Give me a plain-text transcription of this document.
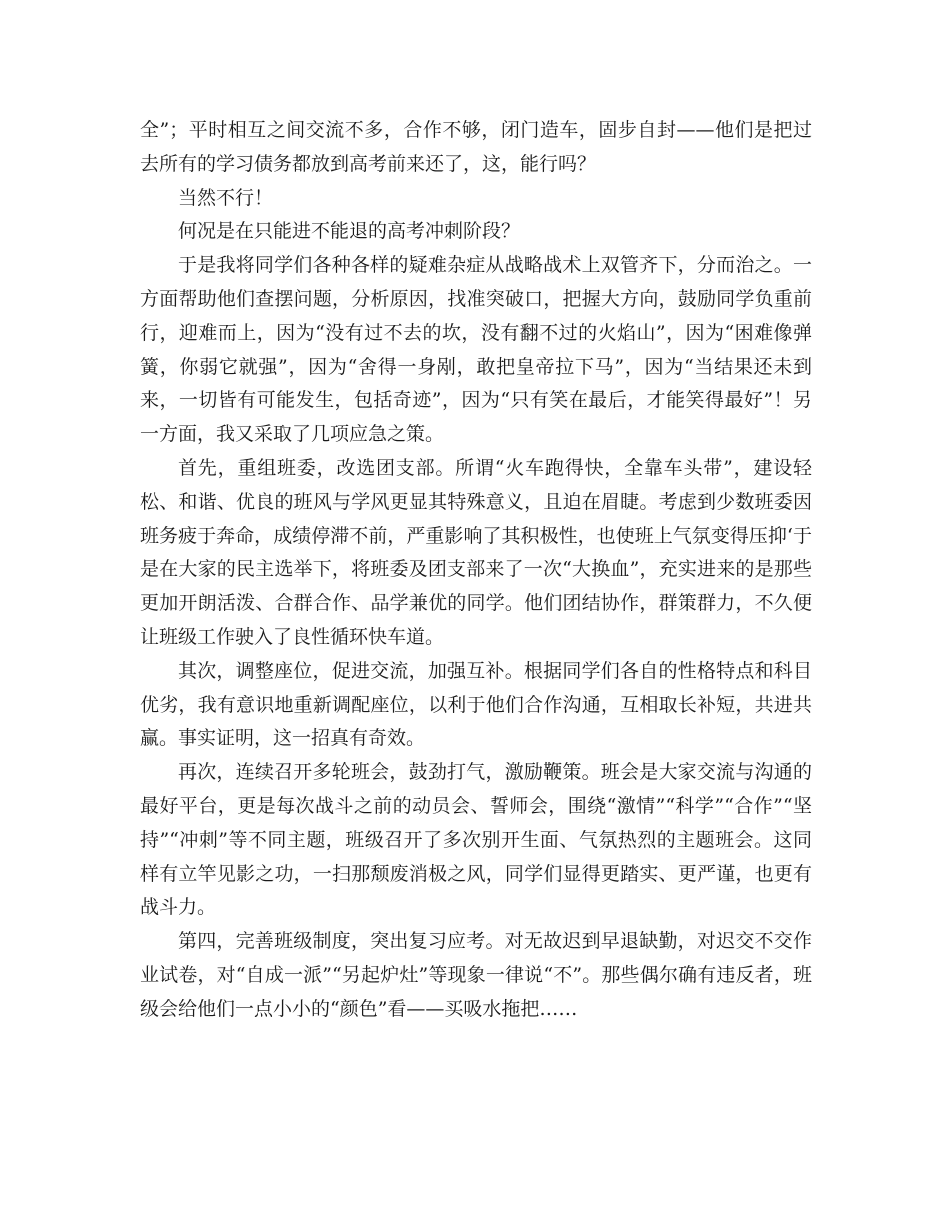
全”；平时相互之间交流不多，合作不够，闭门造车，固步自封——他们是把过去所有的学习债务都放到高考前来还了，这，能行吗？

当然不行！

何况是在只能进不能退的高考冲刺阶段？

于是我将同学们各种各样的疑难杂症从战略战术上双管齐下，分而治之。一方面帮助他们查摆问题，分析原因，找准突破口，把握大方向，鼓励同学负重前行，迎难而上，因为“没有过不去的坎，没有翻不过的火焰山”，因为“困难像弹簧，你弱它就强”，因为“舍得一身剐，敢把皇帝拉下马”，因为“当结果还未到来，一切皆有可能发生，包括奇迹”，因为“只有笑在最后，才能笑得最好”！另一方面，我又采取了几项应急之策。

首先，重组班委，改选团支部。所谓“火车跑得快，全靠车头带”，建设轻松、和谐、优良的班风与学风更显其特殊意义，且迫在眉睫。考虑到少数班委因班务疲于奔命，成绩停滞不前，严重影响了其积极性，也使班上气氛变得压抑‘于是在大家的民主选举下，将班委及团支部来了一次“大换血”，充实进来的是那些更加开朗活泼、合群合作、品学兼优的同学。他们团结协作，群策群力，不久便让班级工作驶入了良性循环快车道。

其次，调整座位，促进交流，加强互补。根据同学们各自的性格特点和科目优劣，我有意识地重新调配座位，以利于他们合作沟通，互相取长补短，共进共赢。事实证明，这一招真有奇效。

再次，连续召开多轮班会，鼓劲打气，激励鞭策。班会是大家交流与沟通的最好平台，更是每次战斗之前的动员会、誓师会，围绕“激情”“科学”“合作”“坚持”“冲刺”等不同主题，班级召开了多次别开生面、气氛热烈的主题班会。这同样有立竿见影之功，一扫那颓废消极之风，同学们显得更踏实、更严谨，也更有战斗力。

第四，完善班级制度，突出复习应考。对无故迟到早退缺勤，对迟交不交作业试卷，对“自成一派”“另起炉灶”等现象一律说“不”。那些偶尔确有违反者，班级会给他们一点小小的“颜色”看——买吸水拖把……
